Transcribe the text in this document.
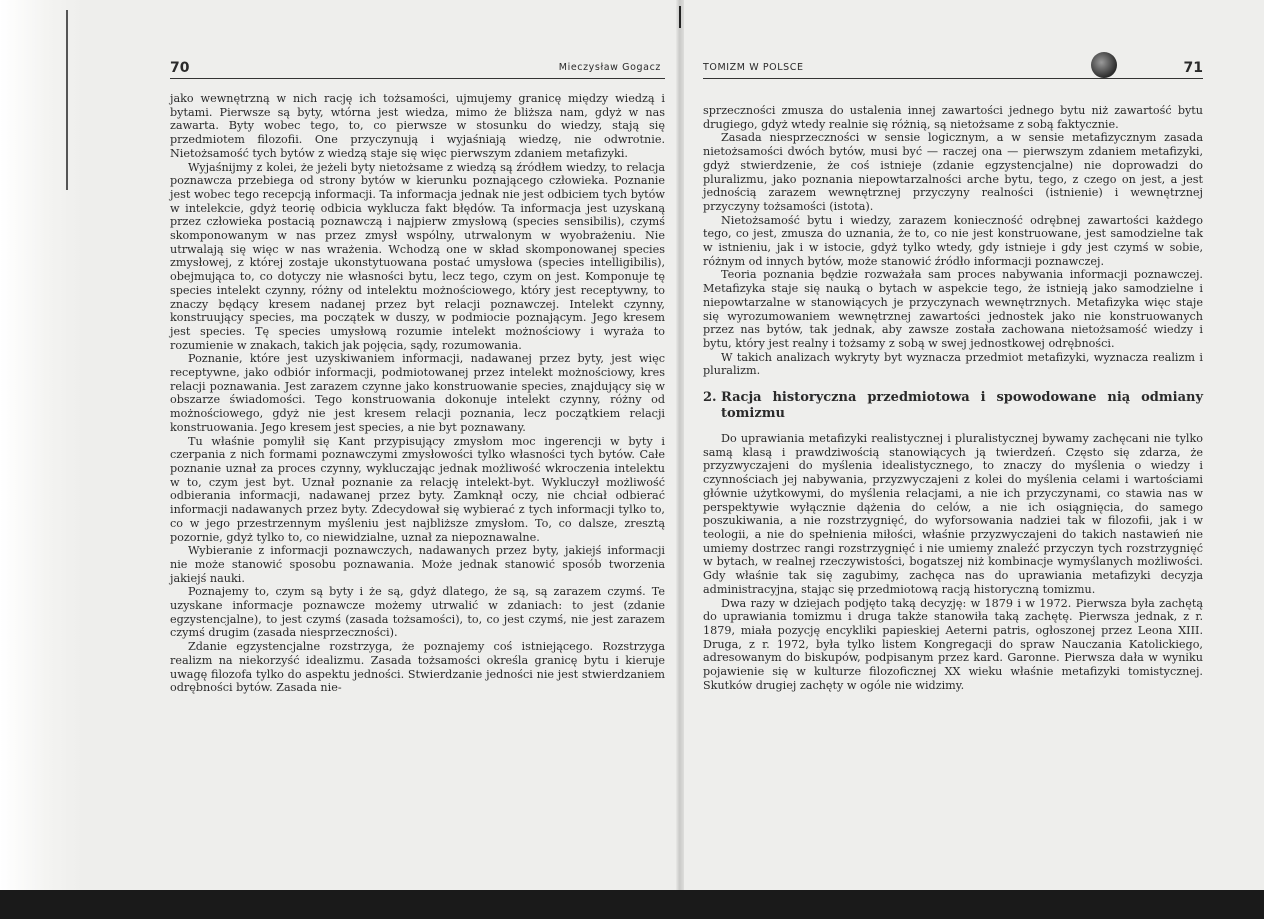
70	Mieczysław Gogacz

jako wewnętrzną w nich rację ich tożsamości, ujmujemy granicę między wiedzą i bytami. Pierwsze są byty, wtórna jest wiedza, mimo że bliższa nam, gdyż w nas zawarta. Byty wobec tego, to, co pierwsze w stosunku do wiedzy, stają się przedmiotem filozofii. One przyczynują i wyjaśniają wiedzę, nie odwrotnie. Nietożsamość tych bytów z wiedzą staje się więc pierwszym zdaniem metafizyki.

Wyjaśnijmy z kolei, że jeżeli byty nietożsame z wiedzą są źródłem wiedzy, to relacja poznawcza przebiega od strony bytów w kierunku poznającego człowieka. Poznanie jest wobec tego recepcją informacji. Ta informacja jednak nie jest odbiciem tych bytów w intelekcie, gdyż teorię odbicia wyklucza fakt błędów. Ta informacja jest uzyskaną przez człowieka postacią poznawczą i najpierw zmysłową (species sensibilis), czymś skomponowanym w nas przez zmysł wspólny, utrwalonym w wyobrażeniu. Nie utrwalają się więc w nas wrażenia. Wchodzą one w skład skomponowanej species zmysłowej, z której zostaje ukonstytuowana postać umysłowa (species intelligibilis), obejmująca to, co dotyczy nie własności bytu, lecz tego, czym on jest. Komponuje tę species intelekt czynny, różny od intelektu możnościowego, który jest receptywny, to znaczy będący kresem nadanej przez byt relacji poznawczej. Intelekt czynny, konstruujący species, ma początek w duszy, w podmiocie poznającym. Jego kresem jest species. Tę species umysłową rozumie intelekt możnościowy i wyraża to rozumienie w znakach, takich jak pojęcia, sądy, rozumowania.

Poznanie, które jest uzyskiwaniem informacji, nadawanej przez byty, jest więc receptywne, jako odbiór informacji, podmiotowanej przez intelekt możnościowy, kres relacji poznawania. Jest zarazem czynne jako konstruowanie species, znajdujący się w obszarze świadomości. Tego konstruowania dokonuje intelekt czynny, różny od możnościowego, gdyż nie jest kresem relacji poznania, lecz początkiem relacji konstruowania. Jego kresem jest species, a nie byt poznawany.

Tu właśnie pomylił się Kant przypisujący zmysłom moc ingerencji w byty i czerpania z nich formami poznawczymi zmysłowości tylko własności tych bytów. Całe poznanie uznał za proces czynny, wykluczając jednak możliwość wkroczenia intelektu w to, czym jest byt. Uznał poznanie za relację intelekt-byt. Wykluczył możliwość odbierania informacji, nadawanej przez byty. Zamknął oczy, nie chciał odbierać informacji nadawanych przez byty. Zdecydował się wybierać z tych informacji tylko to, co w jego przestrzennym myśleniu jest najbliższe zmysłom. To, co dalsze, zresztą pozornie, gdyż tylko to, co niewidzialne, uznał za niepoznawalne.

Wybieranie z informacji poznawczych, nadawanych przez byty, jakiejś informacji nie może stanowić sposobu poznawania. Może jednak stanowić sposób tworzenia jakiejś nauki.

Poznajemy to, czym są byty i że są, gdyż dlatego, że są, są zarazem czymś. Te uzyskane informacje poznawcze możemy utrwalić w zdaniach: to jest (zdanie egzystencjalne), to jest czymś (zasada tożsamości), to, co jest czymś, nie jest zarazem czymś drugim (zasada niesprzeczności).

Zdanie egzystencjalne rozstrzyga, że poznajemy coś istniejącego. Rozstrzyga realizm na niekorzyść idealizmu. Zasada tożsamości określa granicę bytu i kieruje uwagę filozofa tylko do aspektu jedności. Stwierdzanie jedności nie jest stwierdzaniem odrębności bytów. Zasada nie-

TOMIZM W POLSCE	71

sprzeczności zmusza do ustalenia innej zawartości jednego bytu niż zawartość bytu drugiego, gdyż wtedy realnie się różnią, są nietożsame z sobą faktycznie.

Zasada niesprzeczności w sensie logicznym, a w sensie metafizycznym zasada nietożsamości dwóch bytów, musi być — raczej ona — pierwszym zdaniem metafizyki, gdyż stwierdzenie, że coś istnieje (zdanie egzystencjalne) nie doprowadzi do pluralizmu, jako poznania niepowtarzalności arche bytu, tego, z czego on jest, a jest jednością zarazem wewnętrznej przyczyny realności (istnienie) i wewnętrznej przyczyny tożsamości (istota).

Nietożsamość bytu i wiedzy, zarazem konieczność odrębnej zawartości każdego tego, co jest, zmusza do uznania, że to, co nie jest konstruowane, jest samodzielne tak w istnieniu, jak i w istocie, gdyż tylko wtedy, gdy istnieje i gdy jest czymś w sobie, różnym od innych bytów, może stanowić źródło informacji poznawczej.

Teoria poznania będzie rozważała sam proces nabywania informacji poznawczej. Metafizyka staje się nauką o bytach w aspekcie tego, że istnieją jako samodzielne i niepowtarzalne w stanowiących je przyczynach wewnętrznych. Metafizyka więc staje się wyrozumowaniem wewnętrznej zawartości jednostek jako nie konstruowanych przez nas bytów, tak jednak, aby zawsze została zachowana nietożsamość wiedzy i bytu, który jest realny i tożsamy z sobą w swej jednostkowej odrębności.

W takich analizach wykryty byt wyznacza przedmiot metafizyki, wyznacza realizm i pluralizm.

2. Racja historyczna przedmiotowa i spowodowane nią odmiany tomizmu

Do uprawiania metafizyki realistycznej i pluralistycznej bywamy zachęcani nie tylko samą klasą i prawdziwością stanowiących ją twierdzeń. Często się zdarza, że przyzwyczajeni do myślenia idealistycznego, to znaczy do myślenia o wiedzy i czynnościach jej nabywania, przyzwyczajeni z kolei do myślenia celami i wartościami głównie użytkowymi, do myślenia relacjami, a nie ich przyczynami, co stawia nas w perspektywie wyłącznie dążenia do celów, a nie ich osiągnięcia, do samego poszukiwania, a nie rozstrzygnięć, do wyforsowania nadziei tak w filozofii, jak i w teologii, a nie do spełnienia miłości, właśnie przyzwyczajeni do takich nastawień nie umiemy dostrzec rangi rozstrzygnięć i nie umiemy znaleźć przyczyn tych rozstrzygnięć w bytach, w realnej rzeczywistości, bogatszej niż kombinacje wymyślanych możliwości. Gdy właśnie tak się zagubimy, zachęca nas do uprawiania metafizyki decyzja administracyjna, stając się przedmiotową racją historyczną tomizmu.

Dwa razy w dziejach podjęto taką decyzję: w 1879 i w 1972. Pierwsza była zachętą do uprawiania tomizmu i druga także stanowiła taką zachętę. Pierwsza jednak, z r. 1879, miała pozycję encykliki papieskiej Aeterni patris, ogłoszonej przez Leona XIII. Druga, z r. 1972, była tylko listem Kongregacji do spraw Nauczania Katolickiego, adresowanym do biskupów, podpisanym przez kard. Garonne. Pierwsza dała w wyniku pojawienie się w kulturze filozoficznej XX wieku właśnie metafizyki tomistycznej. Skutków drugiej zachęty w ogóle nie widzimy.
